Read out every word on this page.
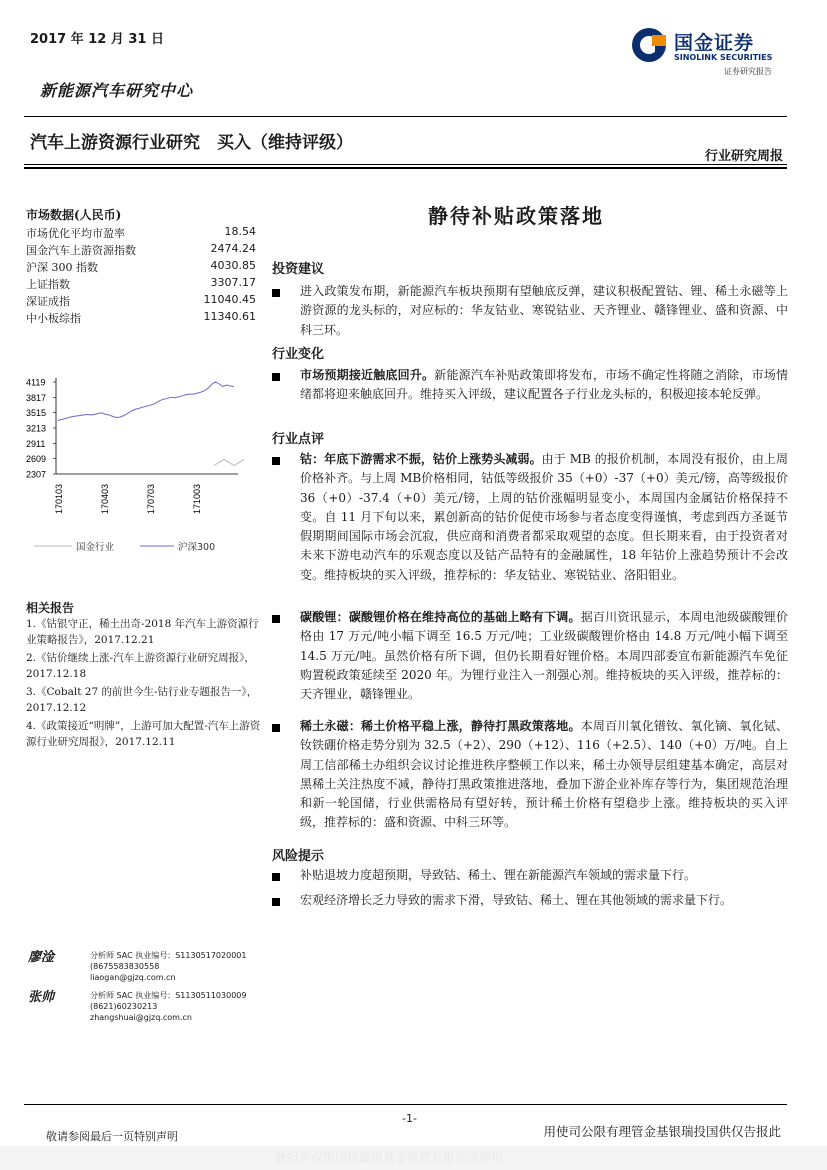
2017 年 12 月 31 日
新能源汽车研究中心
汽车上游资源行业研究　买入（维持评级）
行业研究周报
国金证券
SINOLINK SECURITIES
证券研究报告
市场数据(人民币)
市场优化平均市盈率	18.54
国金汽车上游资源指数	2474.24
沪深 300 指数	4030.85
上证指数	3307.17
深证成指	11040.45
中小板综指	11340.61
4119
3817
3515
3213
2911
2609
2307
170103	170403	170703	171003
国金行业	沪深300
相关报告
1.《钴银守正，稀土出奇-2018 年汽车上游资源行业策略报告》，2017.12.21
2.《钴价继续上涨-汽车上游资源行业研究周报》，2017.12.18
3.《Cobalt 27 的前世今生-钴行业专题报告一》，2017.12.12
4.《政策接近“明牌”，上游可加大配置-汽车上游资源行业研究周报》，2017.12.11
廖淦	分析师 SAC 执业编号：S1130517020001
(8675583830558
liaogan@gjzq.com.cn
张帅	分析师 SAC 执业编号：S1130511030009
(8621)60230213
zhangshuai@gjzq.com.cn
静待补贴政策落地
投资建议
进入政策发布期，新能源汽车板块预期有望触底反弹，建议积极配置钴、锂、稀土永磁等上游资源的龙头标的，对应标的：华友钴业、寒锐钴业、天齐锂业、赣锋锂业、盛和资源、中科三环。
行业变化
市场预期接近触底回升。新能源汽车补贴政策即将发布，市场不确定性将随之消除，市场情绪都将迎来触底回升。维持买入评级，建议配置各子行业龙头标的，积极迎接本轮反弹。
行业点评
钴：年底下游需求不振，钴价上涨势头减弱。由于 MB 的报价机制，本周没有报价，由上周价格补齐。与上周 MB价格相同，钴低等级报价 35（+0）-37（+0）美元/镑，高等级报价 36（+0）-37.4（+0）美元/镑，上周的钴价涨幅明显变小，本周国内金属钴价格保持不变。自 11 月下旬以来，累创新高的钴价促使市场参与者态度变得谨慎，考虑到西方圣诞节假期期间国际市场会沉寂，供应商和消费者都采取观望的态度。但长期来看，由于投资者对未来下游电动汽车的乐观态度以及钴产品特有的金融属性，18 年钴价上涨趋势预计不会改变。维持板块的买入评级，推荐标的：华友钴业、寒锐钴业、洛阳钼业。
碳酸锂：碳酸锂价格在维持高位的基础上略有下调。据百川资讯显示，本周电池级碳酸锂价格由 17 万元/吨小幅下调至 16.5 万元/吨；工业级碳酸锂价格由 14.8 万元/吨小幅下调至 14.5 万元/吨。虽然价格有所下调，但仍长期看好锂价格。本周四部委宣布新能源汽车免征购置税政策延续至 2020 年。为锂行业注入一剂强心剂。维持板块的买入评级，推荐标的：天齐锂业，赣锋锂业。
稀土永磁：稀土价格平稳上涨，静待打黑政策落地。本周百川氧化镨钕、氧化镝、氧化铽、钕铁硼价格走势分别为 32.5（+2）、290（+12）、116（+2.5）、140（+0）万/吨。自上周工信部稀土办组织会议讨论推进秩序整顿工作以来，稀土办领导层组建基本确定，高层对黑稀土关注热度不减，静待打黑政策推进落地，叠加下游企业补库存等行为，集团规范治理和新一轮国储，行业供需格局有望好转，预计稀土价格有望稳步上涨。维持板块的买入评级，推荐标的：盛和资源、中科三环等。
风险提示
补贴退坡力度超预期，导致钴、稀土、锂在新能源汽车领域的需求量下行。
宏观经济增长乏力导致的需求下滑，导致钴、稀土、锂在其他领域的需求量下行。
-1-
敬请参阅最后一页特别声明	用使司公限有理管金基银瑞投国供仅告报此
此报告仅供国投瑞银基金管理有限公司使用
